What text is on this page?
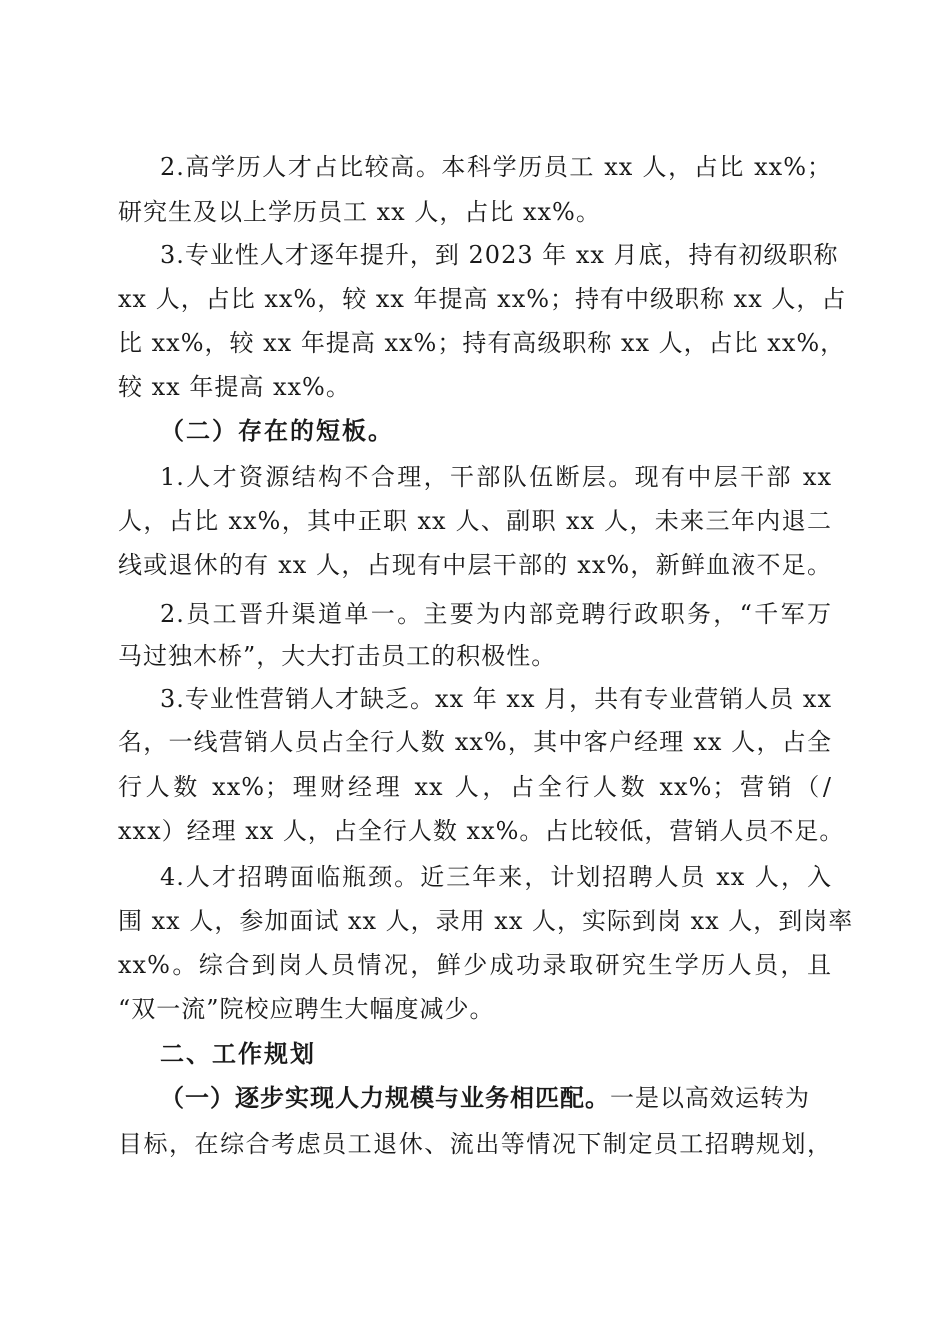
2.高学历人才占比较高。本科学历员工 xx 人，占比 xx%；
研究生及以上学历员工 xx 人，占比 xx%。
3.专业性人才逐年提升，到 2023 年 xx 月底，持有初级职称
xx 人，占比 xx%，较 xx 年提高 xx%；持有中级职称 xx 人，占
比 xx%，较 xx 年提高 xx%；持有高级职称 xx 人，占比 xx%，
较 xx 年提高 xx%。
（二）存在的短板。
1.人才资源结构不合理，干部队伍断层。现有中层干部 xx
人，占比 xx%，其中正职 xx 人、副职 xx 人，未来三年内退二
线或退休的有 xx 人，占现有中层干部的 xx%，新鲜血液不足。
2.员工晋升渠道单一。主要为内部竞聘行政职务，“千军万
马过独木桥”，大大打击员工的积极性。
3.专业性营销人才缺乏。xx 年 xx 月，共有专业营销人员 xx
名，一线营销人员占全行人数 xx%，其中客户经理 xx 人，占全
行人数 xx%；理财经理 xx 人，占全行人数 xx%；营销（/
xxx）经理 xx 人，占全行人数 xx%。占比较低，营销人员不足。
4.人才招聘面临瓶颈。近三年来，计划招聘人员 xx 人，入
围 xx 人，参加面试 xx 人，录用 xx 人，实际到岗 xx 人，到岗率
xx%。综合到岗人员情况，鲜少成功录取研究生学历人员，且
“双一流”院校应聘生大幅度减少。
二、工作规划
（一）逐步实现人力规模与业务相匹配。一是以高效运转为
目标，在综合考虑员工退休、流出等情况下制定员工招聘规划，
